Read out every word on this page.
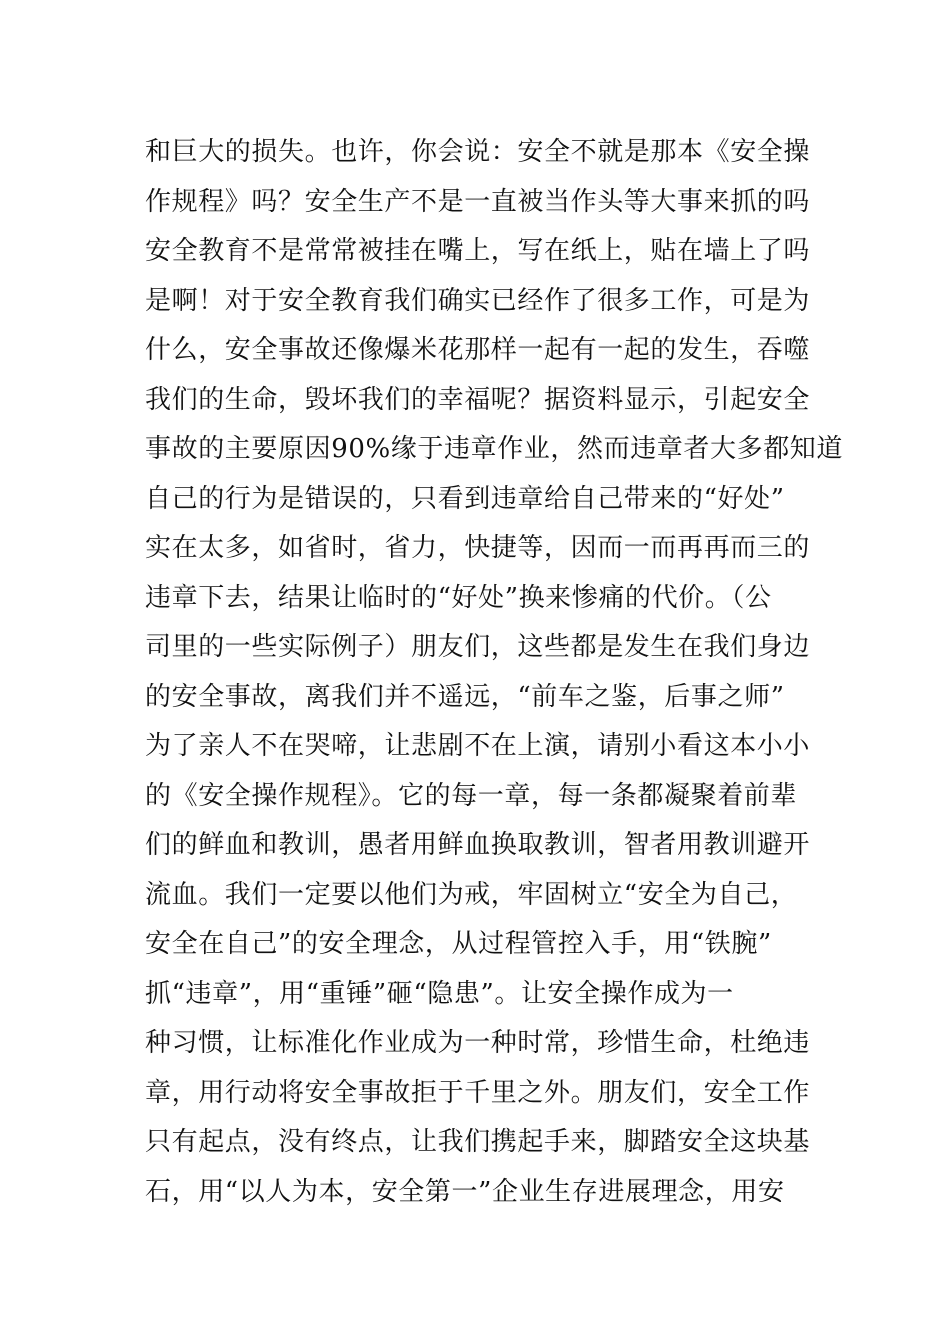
和巨大的损失。也许，你会说：安全不就是那本《安全操
作规程》吗？安全生产不是一直被当作头等大事来抓的吗
安全教育不是常常被挂在嘴上，写在纸上，贴在墙上了吗
是啊！对于安全教育我们确实已经作了很多工作，可是为
什么，安全事故还像爆米花那样一起有一起的发生，吞噬
我们的生命，毁坏我们的幸福呢？据资料显示，引起安全
事故的主要原因90%缘于违章作业，然而违章者大多都知道
自己的行为是错误的，只看到违章给自己带来的“好处”
实在太多，如省时，省力，快捷等，因而一而再再而三的
违章下去，结果让临时的“好处”换来惨痛的代价。（公
司里的一些实际例子）朋友们，这些都是发生在我们身边
的安全事故，离我们并不遥远，“前车之鉴，后事之师”
为了亲人不在哭啼，让悲剧不在上演，请别小看这本小小
的《安全操作规程》。它的每一章，每一条都凝聚着前辈
们的鲜血和教训，愚者用鲜血换取教训，智者用教训避开
流血。我们一定要以他们为戒，牢固树立“安全为自己，
安全在自己”的安全理念，从过程管控入手，用“铁腕”
抓“违章”，用“重锤”砸“隐患”。让安全操作成为一
种习惯，让标准化作业成为一种时常，珍惜生命，杜绝违
章，用行动将安全事故拒于千里之外。朋友们，安全工作
只有起点，没有终点，让我们携起手来，脚踏安全这块基
石，用“以人为本，安全第一”企业生存进展理念，用安
